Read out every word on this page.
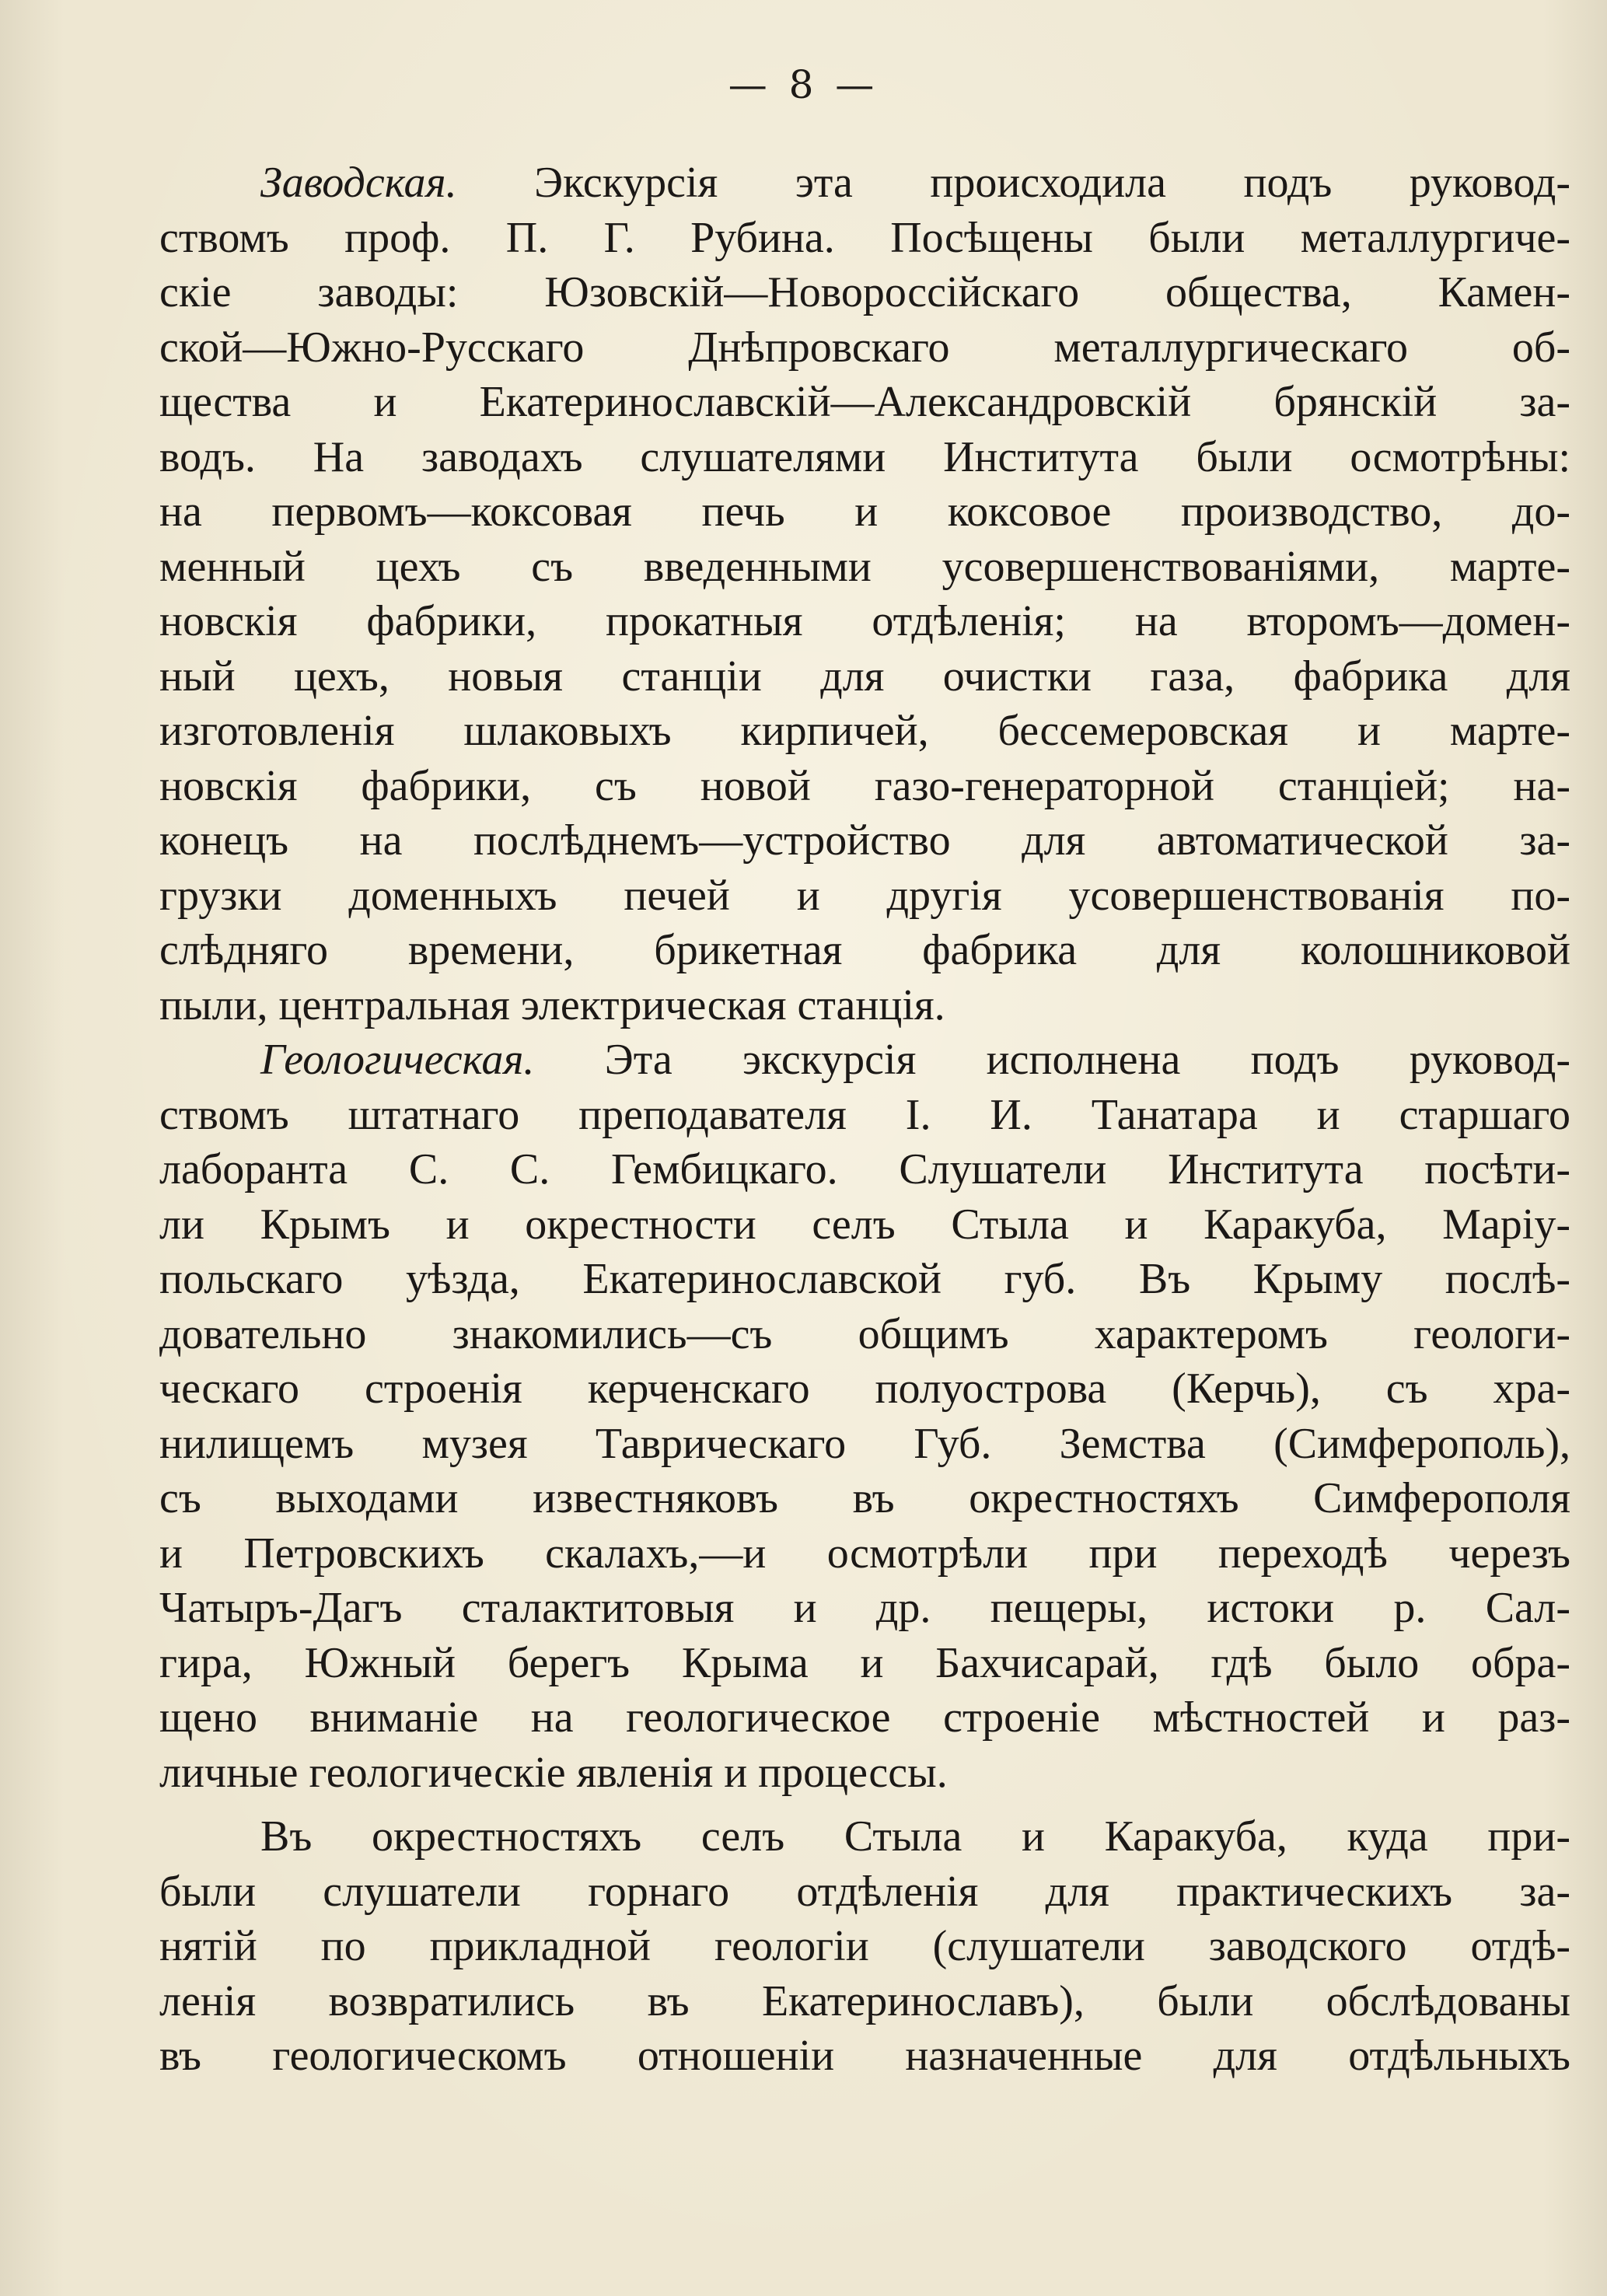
— 8 —
Заводская. Экскурсія эта происходила подъ руковод-
ствомъ проф. П. Г. Рубина. Посѣщены были металлургиче-
скіе заводы: Юзовскій—Новороссійскаго общества, Камен-
ской—Южно-Русскаго Днѣпровскаго металлургическаго об-
щества и Екатеринославскій—Александровскій брянскій за-
водъ. На заводахъ слушателями Института были осмотрѣны:
на первомъ—коксовая печь и коксовое производство, до-
менный цехъ съ введенными усовершенствованіями, марте-
новскія фабрики, прокатныя отдѣленія; на второмъ—домен-
ный цехъ, новыя станціи для очистки газа, фабрика для
изготовленія шлаковыхъ кирпичей, бессемеровская и марте-
новскія фабрики, съ новой газо-генераторной станціей; на-
конецъ на послѣднемъ—устройство для автоматической за-
грузки доменныхъ печей и другія усовершенствованія по-
слѣдняго времени, брикетная фабрика для колошниковой
пыли, центральная электрическая станція.
Геологическая. Эта экскурсія исполнена подъ руковод-
ствомъ штатнаго преподавателя І. И. Танатара и старшаго
лаборанта С. С. Гембицкаго. Слушатели Института посѣти-
ли Крымъ и окрестности селъ Стыла и Каракуба, Маріу-
польскаго уѣзда, Екатеринославской губ. Въ Крыму послѣ-
довательно знакомились—съ общимъ характеромъ геологи-
ческаго строенія керченскаго полуострова (Керчь), съ хра-
нилищемъ музея Таврическаго Губ. Земства (Симферополь),
съ выходами известняковъ въ окрестностяхъ Симферополя
и Петровскихъ скалахъ,—и осмотрѣли при переходѣ черезъ
Чатыръ-Дагъ сталактитовыя и др. пещеры, истоки р. Сал-
гира, Южный берегъ Крыма и Бахчисарай, гдѣ было обра-
щено вниманіе на геологическое строеніе мѣстностей и раз-
личные геологическіе явленія и процессы.
Въ окрестностяхъ селъ Стыла и Каракуба, куда при-
были слушатели горнаго отдѣленія для практическихъ за-
нятій по прикладной геологіи (слушатели заводского отдѣ-
ленія возвратились въ Екатеринославъ), были обслѣдованы
въ геологическомъ отношеніи назначенные для отдѣльныхъ
